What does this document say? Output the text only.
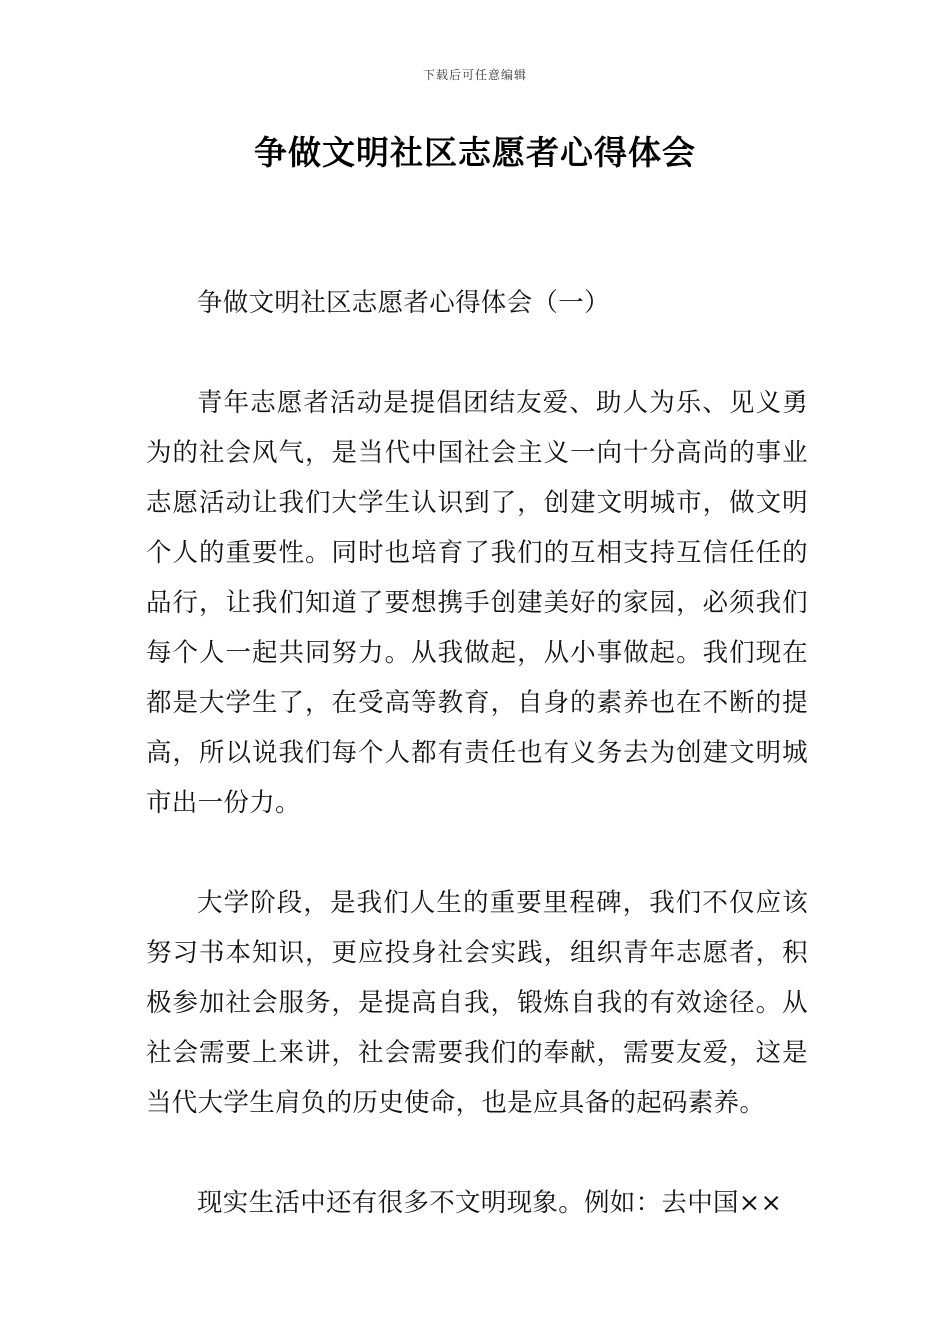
下载后可任意编辑
争做文明社区志愿者心得体会

争做文明社区志愿者心得体会（一）

青年志愿者活动是提倡团结友爱、助人为乐、见义勇为的社会风气，是当代中国社会主义一向十分高尚的事业志愿活动让我们大学生认识到了，创建文明城市，做文明个人的重要性。同时也培育了我们的互相支持互信任任的品行，让我们知道了要想携手创建美好的家园，必须我们每个人一起共同努力。从我做起，从小事做起。我们现在都是大学生了，在受高等教育，自身的素养也在不断的提高，所以说我们每个人都有责任也有义务去为创建文明城市出一份力。

大学阶段，是我们人生的重要里程碑，我们不仅应该努习书本知识，更应投身社会实践，组织青年志愿者，积极参加社会服务，是提高自我，锻炼自我的有效途径。从社会需要上来讲，社会需要我们的奉献，需要友爱，这是当代大学生肩负的历史使命，也是应具备的起码素养。

现实生活中还有很多不文明现象。例如：去中国××
